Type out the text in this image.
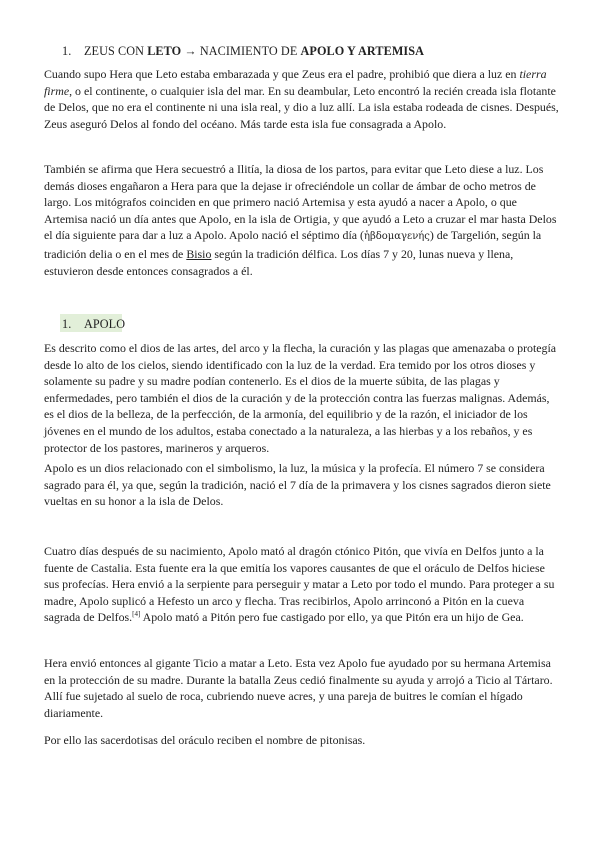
1. ZEUS CON LETO → NACIMIENTO DE APOLO Y ARTEMISA

Cuando supo Hera que Leto estaba embarazada y que Zeus era el padre, prohibió que diera a luz en tierra firme, o el continente, o cualquier isla del mar. En su deambular, Leto encontró la recién creada isla flotante de Delos, que no era el continente ni una isla real, y dio a luz allí. La isla estaba rodeada de cisnes. Después, Zeus aseguró Delos al fondo del océano. Más tarde esta isla fue consagrada a Apolo.

También se afirma que Hera secuestró a Ilitía, la diosa de los partos, para evitar que Leto diese a luz. Los demás dioses engañaron a Hera para que la dejase ir ofreciéndole un collar de ámbar de ocho metros de largo. Los mitógrafos coinciden en que primero nació Artemisa y esta ayudó a nacer a Apolo, o que Artemisa nació un día antes que Apolo, en la isla de Ortigia, y que ayudó a Leto a cruzar el mar hasta Delos el día siguiente para dar a luz a Apolo. Apolo nació el séptimo día (ἡβδομαγενής) de Targelión, según la tradición delia o en el mes de Bisio según la tradición délfica. Los días 7 y 20, lunas nueva y llena, estuvieron desde entonces consagrados a él.

1. APOLO

Es descrito como el dios de las artes, del arco y la flecha, la curación y las plagas que amenazaba o protegía desde lo alto de los cielos, siendo identificado con la luz de la verdad. Era temido por los otros dioses y solamente su padre y su madre podían contenerlo. Es el dios de la muerte súbita, de las plagas y enfermedades, pero también el dios de la curación y de la protección contra las fuerzas malignas. Además, es el dios de la belleza, de la perfección, de la armonía, del equilibrio y de la razón, el iniciador de los jóvenes en el mundo de los adultos, estaba conectado a la naturaleza, a las hierbas y a los rebaños, y es protector de los pastores, marineros y arqueros.

Apolo es un dios relacionado con el simbolismo, la luz, la música y la profecía. El número 7 se considera sagrado para él, ya que, según la tradición, nació el 7 día de la primavera y los cisnes sagrados dieron siete vueltas en su honor a la isla de Delos.

Cuatro días después de su nacimiento, Apolo mató al dragón ctónico Pitón, que vivía en Delfos junto a la fuente de Castalia. Esta fuente era la que emitía los vapores causantes de que el oráculo de Delfos hiciese sus profecías. Hera envió a la serpiente para perseguir y matar a Leto por todo el mundo. Para proteger a su madre, Apolo suplicó a Hefesto un arco y flecha. Tras recibirlos, Apolo arrinconó a Pitón en la cueva sagrada de Delfos.[4] Apolo mató a Pitón pero fue castigado por ello, ya que Pitón era un hijo de Gea.

Hera envió entonces al gigante Ticio a matar a Leto. Esta vez Apolo fue ayudado por su hermana Artemisa en la protección de su madre. Durante la batalla Zeus cedió finalmente su ayuda y arrojó a Ticio al Tártaro. Allí fue sujetado al suelo de roca, cubriendo nueve acres, y una pareja de buitres le comían el hígado diariamente.

Por ello las sacerdotisas del oráculo reciben el nombre de pitonisas.
